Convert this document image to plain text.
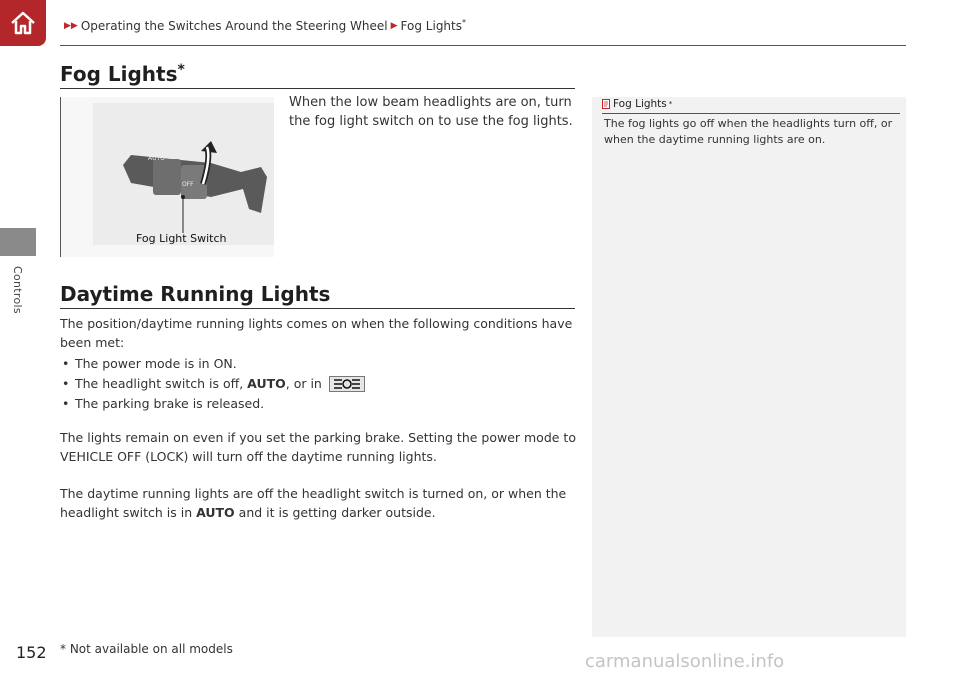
▶▶ Operating the Switches Around the Steering Wheel ▶ Fog Lights*
Controls
Fog Lights*
AUTO
OFF
Fog Light Switch
When the low beam headlights are on, turn the fog light switch on to use the fog lights.
Daytime Running Lights
The position/daytime running lights comes on when the following conditions have been met:
• The power mode is in ON.
• The headlight switch is off, AUTO, or in
• The parking brake is released.
The lights remain on even if you set the parking brake. Setting the power mode to VEHICLE OFF (LOCK) will turn off the daytime running lights.
The daytime running lights are off the headlight switch is turned on, or when the headlight switch is in AUTO and it is getting darker outside.
Fog Lights *
The fog lights go off when the headlights turn off, or when the daytime running lights are on.
152 * Not available on all models
carmanualsonline.info
